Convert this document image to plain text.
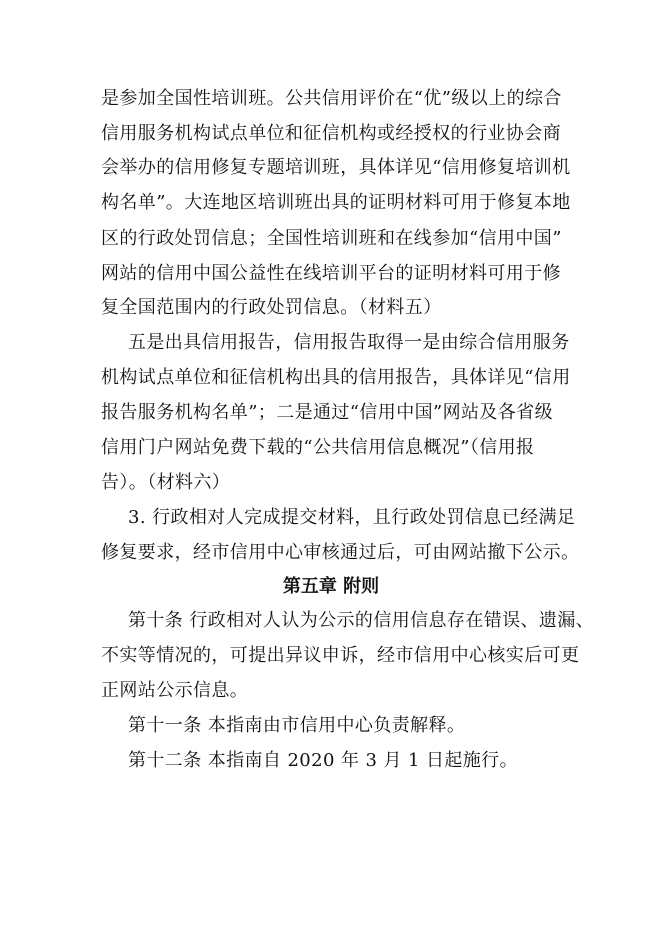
是参加全国性培训班。公共信用评价在“优”级以上的综合
信用服务机构试点单位和征信机构或经授权的行业协会商
会举办的信用修复专题培训班，具体详见“信用修复培训机
构名单”。大连地区培训班出具的证明材料可用于修复本地
区的行政处罚信息；全国性培训班和在线参加“信用中国”
网站的信用中国公益性在线培训平台的证明材料可用于修
复全国范围内的行政处罚信息。（材料五）
五是出具信用报告，信用报告取得一是由综合信用服务
机构试点单位和征信机构出具的信用报告，具体详见“信用
报告服务机构名单”；二是通过“信用中国”网站及各省级
信用门户网站免费下载的“公共信用信息概况”（信用报
告）。（材料六）
3. 行政相对人完成提交材料，且行政处罚信息已经满足
修复要求，经市信用中心审核通过后，可由网站撤下公示。
第五章 附则
第十条 行政相对人认为公示的信用信息存在错误、遗漏、
不实等情况的，可提出异议申诉，经市信用中心核实后可更
正网站公示信息。
第十一条 本指南由市信用中心负责解释。
第十二条 本指南自 2020 年 3 月 1 日起施行。
